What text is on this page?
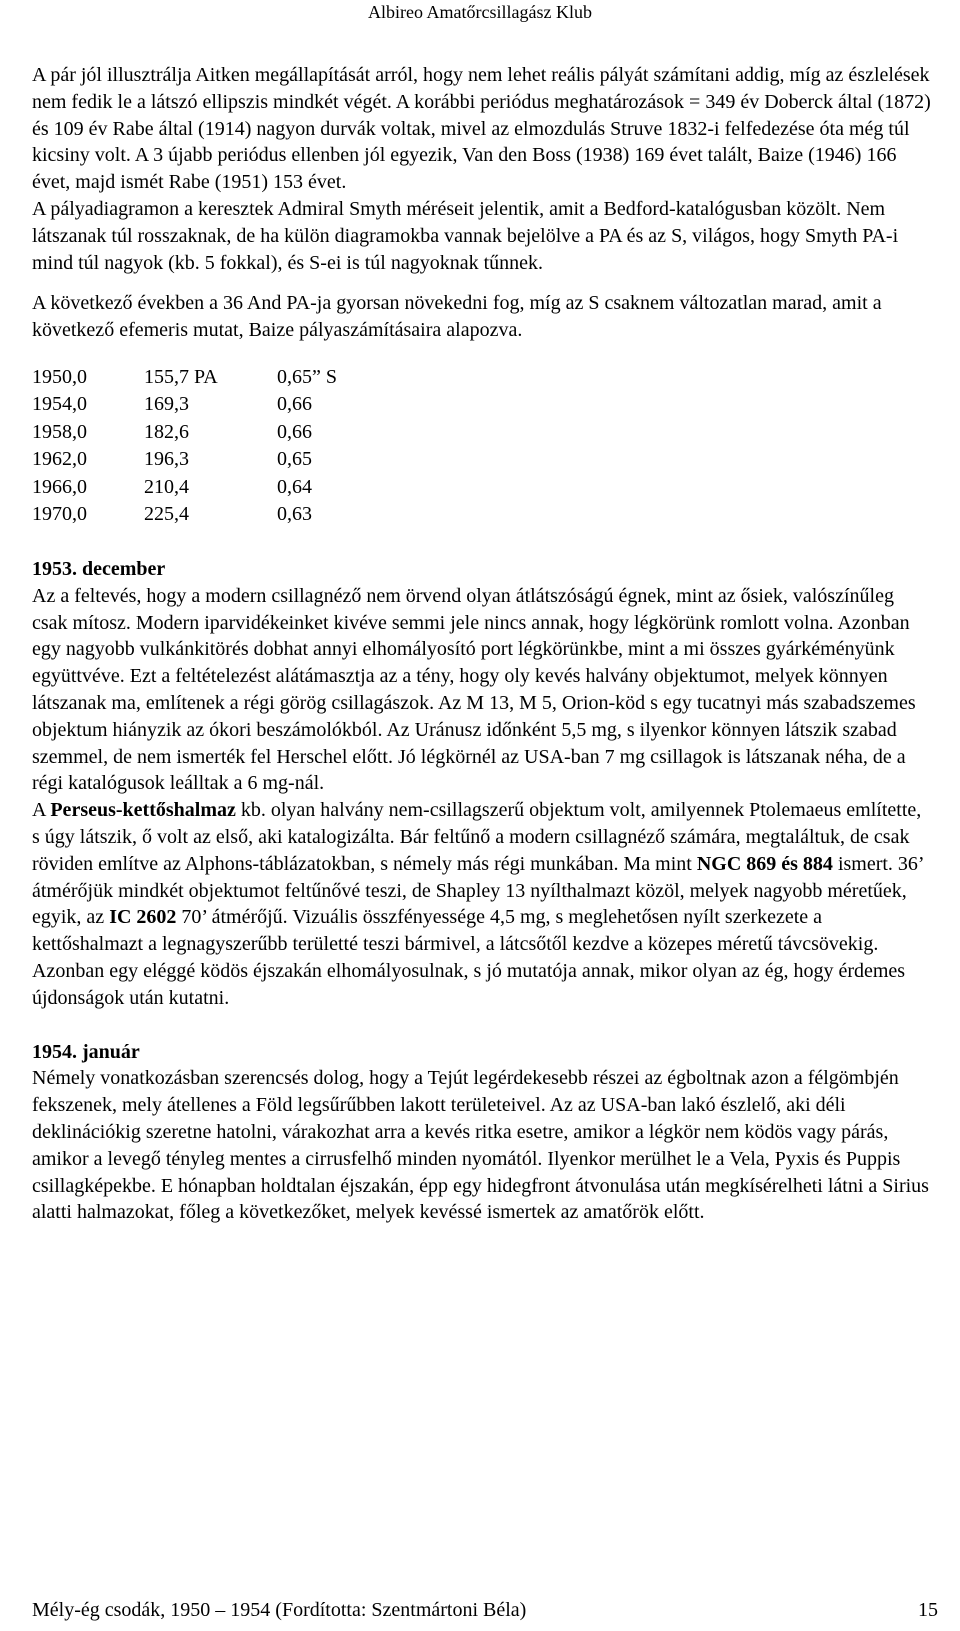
Albireo Amatőrcsillagász Klub

A pár jól illusztrálja Aitken megállapítását arról, hogy nem lehet reális pályát számítani addig, míg az észlelések nem fedik le a látszó ellipszis mindkét végét. A korábbi periódus meghatározások = 349 év Doberck által (1872) és 109 év Rabe által (1914) nagyon durvák voltak, mivel az elmozdulás Struve 1832-i felfedezése óta még túl kicsiny volt. A 3 újabb periódus ellenben jól egyezik, Van den Boss (1938) 169 évet talált, Baize (1946) 166 évet, majd ismét Rabe (1951) 153 évet.

A pályadiagramon a keresztek Admiral Smyth méréseit jelentik, amit a Bedford-katalógusban közölt. Nem látszanak túl rosszaknak, de ha külön diagramokba vannak bejelölve a PA és az S, világos, hogy Smyth PA-i mind túl nagyok (kb. 5 fokkal), és S-ei is túl nagyoknak tűnnek.

A következő években a 36 And PA-ja gyorsan növekedni fog, míg az S csaknem változatlan marad, amit a következő efemeris mutat, Baize pályaszámításaira alapozva.

1950,0	155,7 PA	0,65” S
1954,0	169,3	0,66
1958,0	182,6	0,66
1962,0	196,3	0,65
1966,0	210,4	0,64
1970,0	225,4	0,63

1953. december

Az a feltevés, hogy a modern csillagnéző nem örvend olyan átlátszóságú égnek, mint az ősiek, valószínűleg csak mítosz. Modern iparvidékeinket kivéve semmi jele nincs annak, hogy légkörünk romlott volna. Azonban egy nagyobb vulkánkitörés dobhat annyi elhomályosító port légkörünkbe, mint a mi összes gyárkéményünk együttvéve. Ezt a feltételezést alátámasztja az a tény, hogy oly kevés halvány objektumot, melyek könnyen látszanak ma, említenek a régi görög csillagászok. Az M 13, M 5, Orion-köd s egy tucatnyi más szabadszemes objektum hiányzik az ókori beszámolókból. Az Uránusz időnként 5,5 mg, s ilyenkor könnyen látszik szabad szemmel, de nem ismerték fel Herschel előtt. Jó légkörnél az USA-ban 7 mg csillagok is látszanak néha, de a régi katalógusok leálltak a 6 mg-nál.

A Perseus-kettőshalmaz kb. olyan halvány nem-csillagszerű objektum volt, amilyennek Ptolemaeus említette, s úgy látszik, ő volt az első, aki katalogizálta. Bár feltűnő a modern csillagnéző számára, megtaláltuk, de csak röviden említve az Alphons-táblázatokban, s némely más régi munkában. Ma mint NGC 869 és 884 ismert. 36’ átmérőjük mindkét objektumot feltűnővé teszi, de Shapley 13 nyílthalmazt közöl, melyek nagyobb méretűek, egyik, az IC 2602 70’ átmérőjű. Vizuális összfényessége 4,5 mg, s meglehetősen nyílt szerkezete a kettőshalmazt a legnagyszerűbb területté teszi bármivel, a látcsőtől kezdve a közepes méretű távcsövekig. Azonban egy eléggé ködös éjszakán elhomályosulnak, s jó mutatója annak, mikor olyan az ég, hogy érdemes újdonságok után kutatni.

1954. január

Némely vonatkozásban szerencsés dolog, hogy a Tejút legérdekesebb részei az égboltnak azon a félgömbjén fekszenek, mely átellenes a Föld legsűrűbben lakott területeivel. Az az USA-ban lakó észlelő, aki déli deklinációkig szeretne hatolni, várakozhat arra a kevés ritka esetre, amikor a légkör nem ködös vagy párás, amikor a levegő tényleg mentes a cirrusfelhő minden nyomától. Ilyenkor merülhet le a Vela, Pyxis és Puppis csillagképekbe. E hónapban holdtalan éjszakán, épp egy hidegfront átvonulása után megkísérelheti látni a Sirius alatti halmazokat, főleg a következőket, melyek kevéssé ismertek az amatőrök előtt.

Mély-ég csodák, 1950 – 1954 (Fordította: Szentmártoni Béla)	15
